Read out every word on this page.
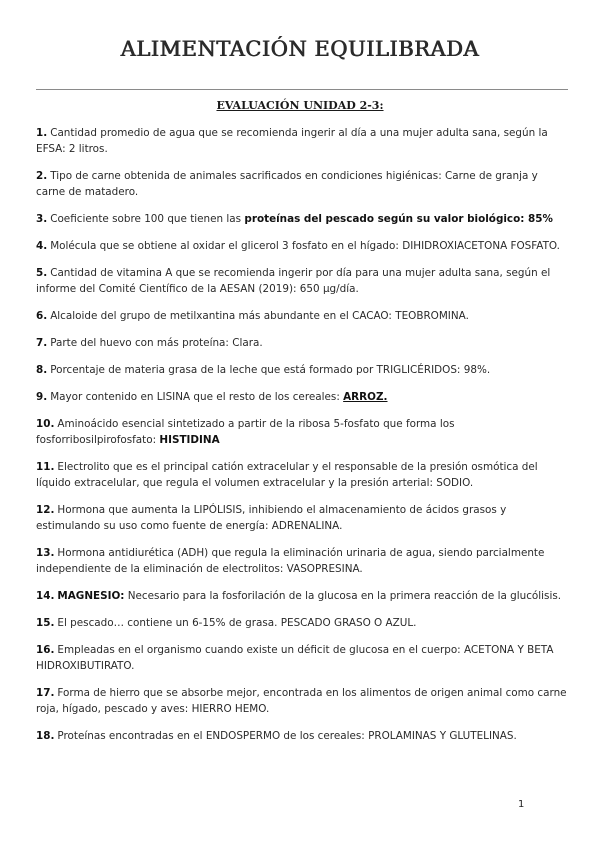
ALIMENTACIÓN EQUILIBRADA
EVALUACIÓN UNIDAD 2-3:
1. Cantidad promedio de agua que se recomienda ingerir al día a una mujer adulta sana, según la EFSA: 2 litros.
2. Tipo de carne obtenida de animales sacrificados en condiciones higiénicas: Carne de granja y carne de matadero.
3. Coeficiente sobre 100 que tienen las proteínas del pescado según su valor biológico: 85%
4. Molécula que se obtiene al oxidar el glicerol 3 fosfato en el hígado: DIHIDROXIACETONA FOSFATO.
5. Cantidad de vitamina A que se recomienda ingerir por día para una mujer adulta sana, según el informe del Comité Científico de la AESAN (2019): 650 µg/día.
6. Alcaloide del grupo de metilxantina más abundante en el CACAO: TEOBROMINA.
7. Parte del huevo con más proteína: Clara.
8. Porcentaje de materia grasa de la leche que está formado por TRIGLICÉRIDOS: 98%.
9. Mayor contenido en LISINA que el resto de los cereales: ARROZ.
10. Aminoácido esencial sintetizado a partir de la ribosa 5-fosfato que forma los fosforribosilpirofosfato: HISTIDINA
11. Electrolito que es el principal catión extracelular y el responsable de la presión osmótica del líquido extracelular, que regula el volumen extracelular y la presión arterial: SODIO.
12. Hormona que aumenta la LIPÓLISIS, inhibiendo el almacenamiento de ácidos grasos y estimulando su uso como fuente de energía: ADRENALINA.
13. Hormona antidiurética (ADH) que regula la eliminación urinaria de agua, siendo parcialmente independiente de la eliminación de electrolitos: VASOPRESINA.
14. MAGNESIO: Necesario para la fosforilación de la glucosa en la primera reacción de la glucólisis.
15. El pescado… contiene un 6-15% de grasa. PESCADO GRASO O AZUL.
16. Empleadas en el organismo cuando existe un déficit de glucosa en el cuerpo: ACETONA Y BETA HIDROXIBUTIRATO.
17. Forma de hierro que se absorbe mejor, encontrada en los alimentos de origen animal como carne roja, hígado, pescado y aves: HIERRO HEMO.
18. Proteínas encontradas en el ENDOSPERMO de los cereales: PROLAMINAS Y GLUTELINAS.
1
